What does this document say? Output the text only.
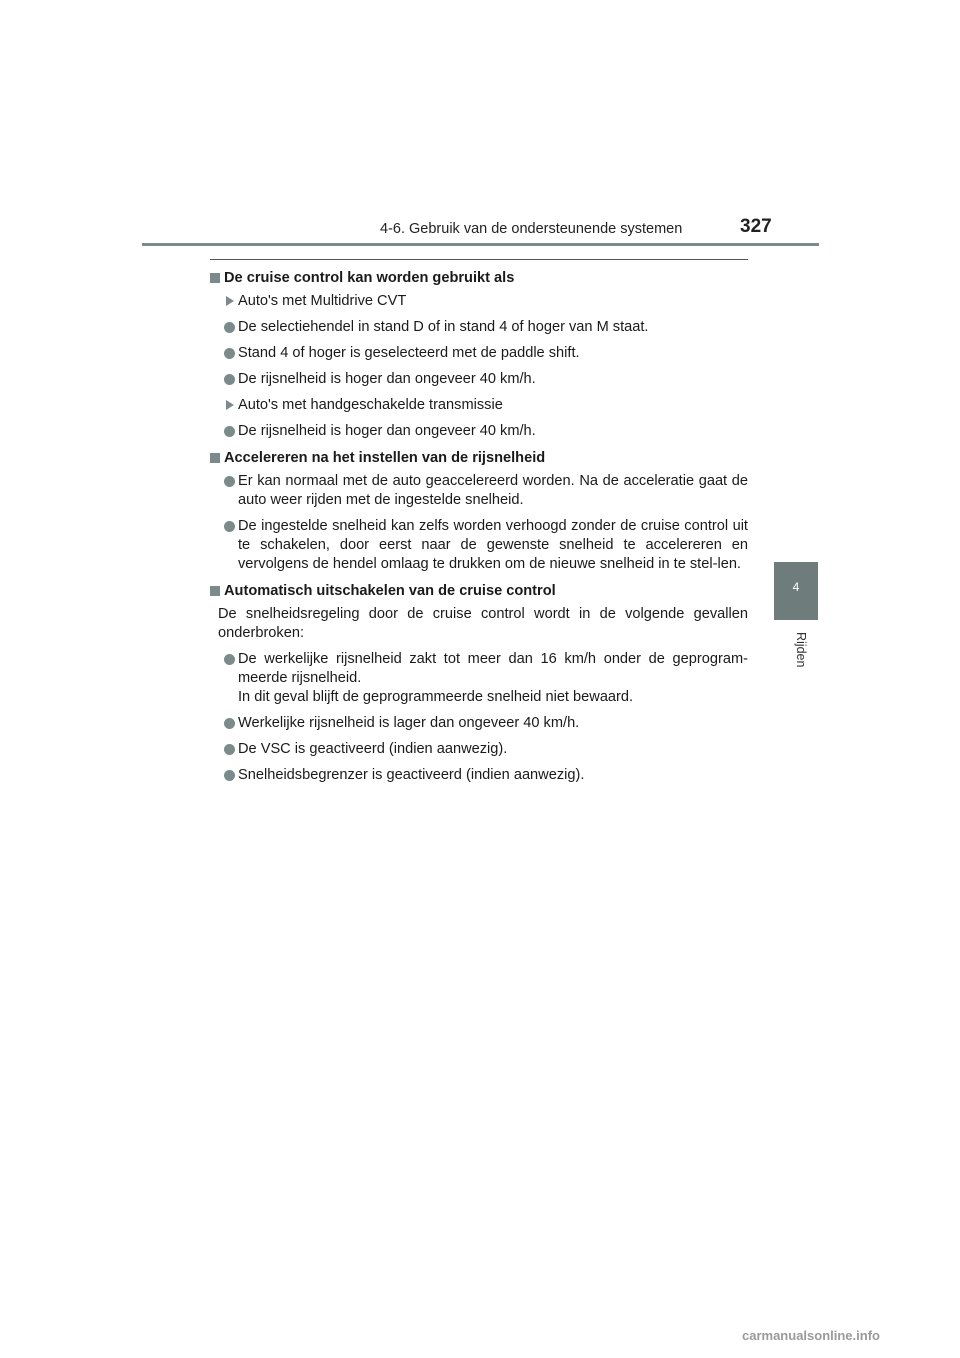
4-6. Gebruik van de ondersteunende systemen	327
4
Rijden
De cruise control kan worden gebruikt als
Auto's met Multidrive CVT
De selectiehendel in stand D of in stand 4 of hoger van M staat.
Stand 4 of hoger is geselecteerd met de paddle shift.
De rijsnelheid is hoger dan ongeveer 40 km/h.
Auto's met handgeschakelde transmissie
De rijsnelheid is hoger dan ongeveer 40 km/h.
Accelereren na het instellen van de rijsnelheid
Er kan normaal met de auto geaccelereerd worden. Na de acceleratie gaat de auto weer rijden met de ingestelde snelheid.
De ingestelde snelheid kan zelfs worden verhoogd zonder de cruise control uit te schakelen, door eerst naar de gewenste snelheid te accelereren en vervolgens de hendel omlaag te drukken om de nieuwe snelheid in te stel-len.
Automatisch uitschakelen van de cruise control
De snelheidsregeling door de cruise control wordt in de volgende gevallen onderbroken:
De werkelijke rijsnelheid zakt tot meer dan 16 km/h onder de geprogram-meerde rijsnelheid.
In dit geval blijft de geprogrammeerde snelheid niet bewaard.
Werkelijke rijsnelheid is lager dan ongeveer 40 km/h.
De VSC is geactiveerd (indien aanwezig).
Snelheidsbegrenzer is geactiveerd (indien aanwezig).
carmanualsonline.info
